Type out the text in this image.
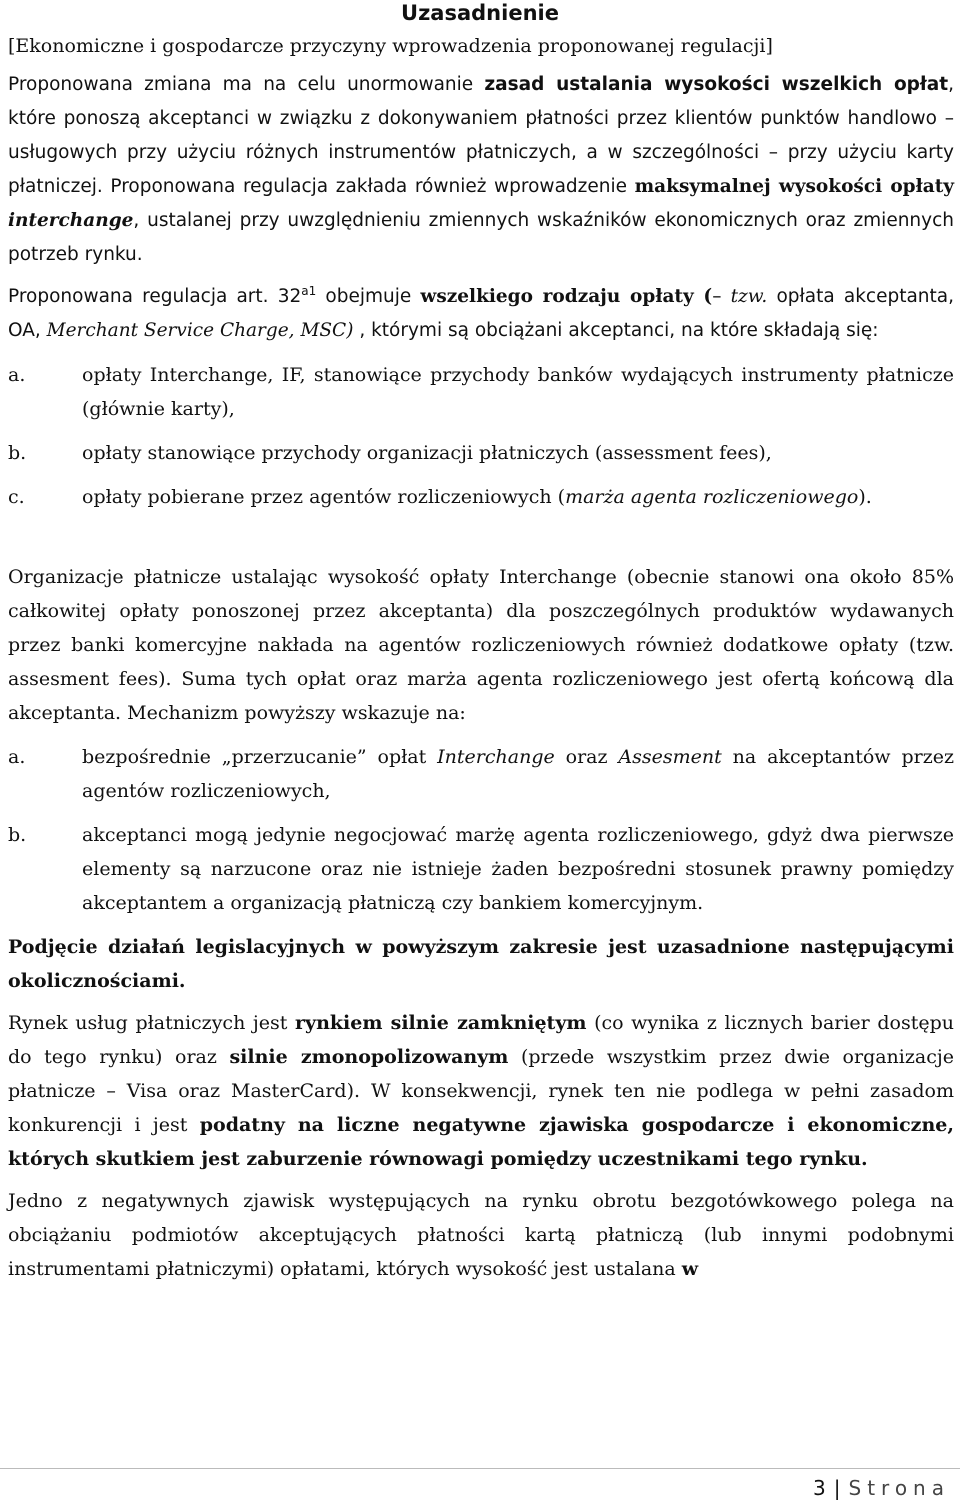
Uzasadnienie

[Ekonomiczne i gospodarcze przyczyny wprowadzenia proponowanej regulacji]

Proponowana zmiana ma na celu unormowanie zasad ustalania wysokości wszelkich opłat, które ponoszą akceptanci w związku z dokonywaniem płatności przez klientów punktów handlowo – usługowych przy użyciu różnych instrumentów płatniczych, a w szczególności – przy użyciu karty płatniczej. Proponowana regulacja zakłada również wprowadzenie maksymalnej wysokości opłaty interchange, ustalanej przy uwzględnieniu zmiennych wskaźników ekonomicznych oraz zmiennych potrzeb rynku.

Proponowana regulacja art. $32^{a1}$ obejmuje wszelkiego rodzaju opłaty (– tzw. opłata akceptanta, OA, Merchant Service Charge, MSC) , którymi są obciążani akceptanci, na które składają się:

a.	opłaty Interchange, IF, stanowiące przychody banków wydających instrumenty płatnicze (głównie karty),
b.	opłaty stanowiące przychody organizacji płatniczych (assessment fees),
c.	opłaty pobierane przez agentów rozliczeniowych (marża agenta rozliczeniowego).

Organizacje płatnicze ustalając wysokość opłaty Interchange (obecnie stanowi ona około 85% całkowitej opłaty ponoszonej przez akceptanta) dla poszczególnych produktów wydawanych przez banki komercyjne nakłada na agentów rozliczeniowych również dodatkowe opłaty (tzw. assesment fees). Suma tych opłat oraz marża agenta rozliczeniowego jest ofertą końcową dla akceptanta. Mechanizm powyższy wskazuje na:

a.	bezpośrednie „przerzucanie” opłat Interchange oraz Assesment na akceptantów przez agentów rozliczeniowych,
b.	akceptanci mogą jedynie negocjować marżę agenta rozliczeniowego, gdyż dwa pierwsze elementy są narzucone oraz nie istnieje żaden bezpośredni stosunek prawny pomiędzy akceptantem a organizacją płatniczą czy bankiem komercyjnym.

Podjęcie działań legislacyjnych w powyższym zakresie jest uzasadnione następującymi okolicznościami.

Rynek usług płatniczych jest rynkiem silnie zamkniętym (co wynika z licznych barier dostępu do tego rynku) oraz silnie zmonopolizowanym (przede wszystkim przez dwie organizacje płatnicze – Visa oraz MasterCard). W konsekwencji, rynek ten nie podlega w pełni zasadom konkurencji i jest podatny na liczne negatywne zjawiska gospodarcze i ekonomiczne, których skutkiem jest zaburzenie równowagi pomiędzy uczestnikami tego rynku.

Jedno z negatywnych zjawisk występujących na rynku obrotu bezgotówkowego polega na obciążaniu podmiotów akceptujących płatności kartą płatniczą (lub innymi podobnymi instrumentami płatniczymi) opłatami, których wysokość jest ustalana w

3 | Strona
